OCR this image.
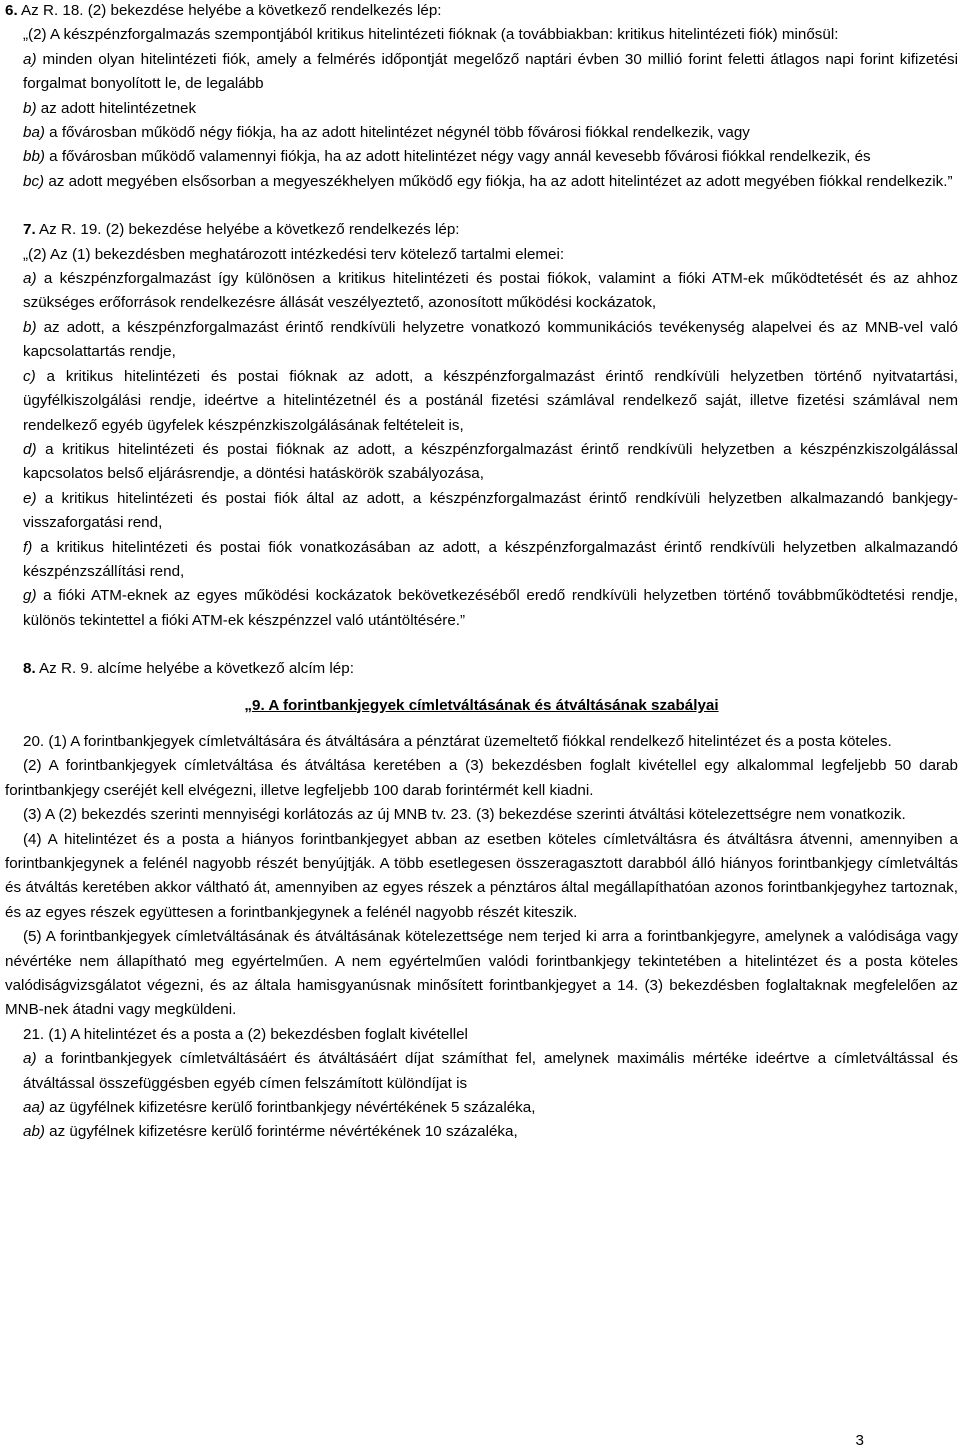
6. Az R. 18. (2) bekezdése helyébe a következő rendelkezés lép:

„(2) A készpénzforgalmazás szempontjából kritikus hitelintézeti fióknak (a továbbiakban: kritikus hitelintézeti fiók) minősül:

a) minden olyan hitelintézeti fiók, amely a felmérés időpontját megelőző naptári évben 30 millió forint feletti átlagos napi forint kifizetési forgalmat bonyolított le, de legalább

b) az adott hitelintézetnek

ba) a fővárosban működő négy fiókja, ha az adott hitelintézet négynél több fővárosi fiókkal rendelkezik, vagy

bb) a fővárosban működő valamennyi fiókja, ha az adott hitelintézet négy vagy annál kevesebb fővárosi fiókkal rendelkezik, és

bc) az adott megyében elsősorban a megyeszékhelyen működő egy fiókja, ha az adott hitelintézet az adott megyében fiókkal rendelkezik.”

7. Az R. 19. (2) bekezdése helyébe a következő rendelkezés lép:

„(2) Az (1) bekezdésben meghatározott intézkedési terv kötelező tartalmi elemei:

a) a készpénzforgalmazást így különösen a kritikus hitelintézeti és postai fiókok, valamint a fióki ATM-ek működtetését és az ahhoz szükséges erőforrások rendelkezésre állását veszélyeztető, azonosított működési kockázatok,

b) az adott, a készpénzforgalmazást érintő rendkívüli helyzetre vonatkozó kommunikációs tevékenység alapelvei és az MNB-vel való kapcsolattartás rendje,

c) a kritikus hitelintézeti és postai fióknak az adott, a készpénzforgalmazást érintő rendkívüli helyzetben történő nyitvatartási, ügyfélkiszolgálási rendje, ideértve a hitelintézetnél és a postánál fizetési számlával rendelkező saját, illetve fizetési számlával nem rendelkező egyéb ügyfelek készpénzkiszolgálásának feltételeit is,

d) a kritikus hitelintézeti és postai fióknak az adott, a készpénzforgalmazást érintő rendkívüli helyzetben a készpénzkiszolgálással kapcsolatos belső eljárásrendje, a döntési hatáskörök szabályozása,

e) a kritikus hitelintézeti és postai fiók által az adott, a készpénzforgalmazást érintő rendkívüli helyzetben alkalmazandó bankjegy-visszaforgatási rend,

f) a kritikus hitelintézeti és postai fiók vonatkozásában az adott, a készpénzforgalmazást érintő rendkívüli helyzetben alkalmazandó készpénzszállítási rend,

g) a fióki ATM-eknek az egyes működési kockázatok bekövetkezéséből eredő rendkívüli helyzetben történő továbbműködtetési rendje, különös tekintettel a fióki ATM-ek készpénzzel való utántöltésére.”

8. Az R. 9. alcíme helyébe a következő alcím lép:

„9. A forintbankjegyek címletváltásának és átváltásának szabályai

20. (1) A forintbankjegyek címletváltására és átváltására a pénztárat üzemeltető fiókkal rendelkező hitelintézet és a posta köteles.

(2) A forintbankjegyek címletváltása és átváltása keretében a (3) bekezdésben foglalt kivétellel egy alkalommal legfeljebb 50 darab forintbankjegy cseréjét kell elvégezni, illetve legfeljebb 100 darab forintérmét kell kiadni.

(3) A (2) bekezdés szerinti mennyiségi korlátozás az új MNB tv. 23. (3) bekezdése szerinti átváltási kötelezettségre nem vonatkozik.

(4) A hitelintézet és a posta a hiányos forintbankjegyet abban az esetben köteles címletváltásra és átváltásra átvenni, amennyiben a forintbankjegynek a felénél nagyobb részét benyújtják. A több esetlegesen összeragasztott darabból álló hiányos forintbankjegy címletváltás és átváltás keretében akkor váltható át, amennyiben az egyes részek a pénztáros által megállapíthatóan azonos forintbankjegyhez tartoznak, és az egyes részek együttesen a forintbankjegynek a felénél nagyobb részét kiteszik.

(5) A forintbankjegyek címletváltásának és átváltásának kötelezettsége nem terjed ki arra a forintbankjegyre, amelynek a valódisága vagy névértéke nem állapítható meg egyértelműen. A nem egyértelműen valódi forintbankjegy tekintetében a hitelintézet és a posta köteles valódiságvizsgálatot végezni, és az általa hamisgyanúsnak minősített forintbankjegyet a 14. (3) bekezdésben foglaltaknak megfelelően az MNB-nek átadni vagy megküldeni.

21. (1) A hitelintézet és a posta a (2) bekezdésben foglalt kivétellel

a) a forintbankjegyek címletváltásáért és átváltásáért díjat számíthat fel, amelynek maximális mértéke ideértve a címletváltással és átváltással összefüggésben egyéb címen felszámított különdíjat is

aa) az ügyfélnek kifizetésre kerülő forintbankjegy névértékének 5 százaléka,

ab) az ügyfélnek kifizetésre kerülő forintérme névértékének 10 százaléka,

3
